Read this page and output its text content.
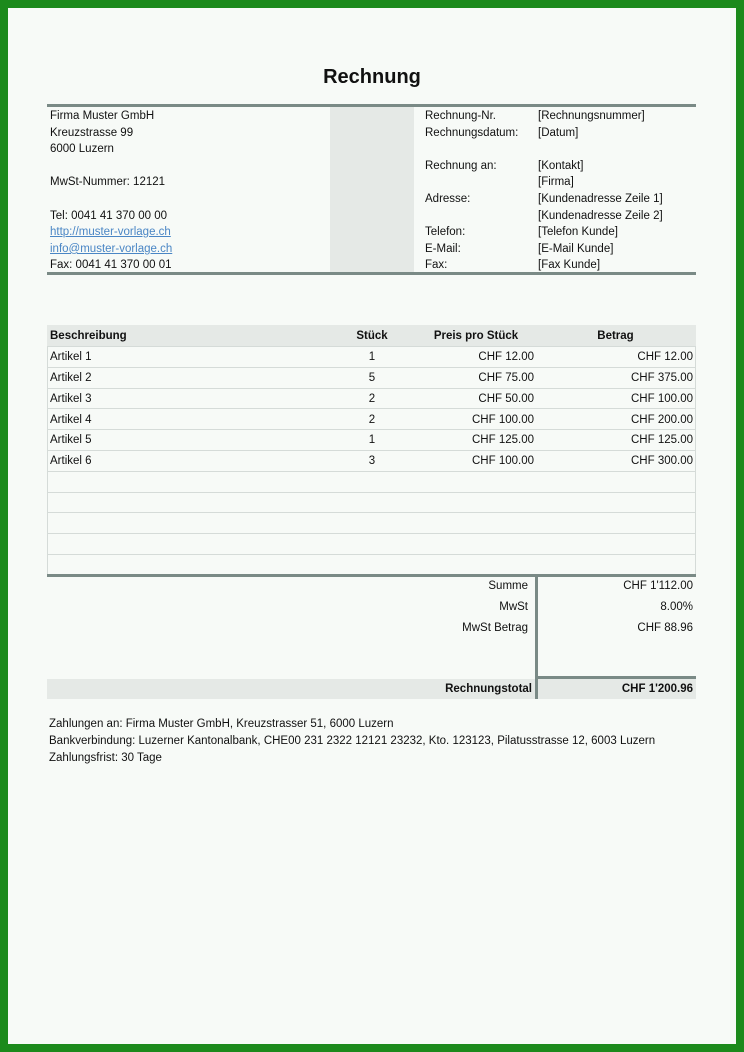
Rechnung
Firma Muster GmbH
Kreuzstrasse 99
6000 Luzern
MwSt-Nummer: 12121
Tel: 0041 41 370 00 00
http://muster-vorlage.ch
info@muster-vorlage.ch
Fax: 0041 41 370 00 01
Rechnung-Nr.	[Rechnungsnummer]
Rechnungsdatum: [Datum]
Rechnung an:	[Kontakt]
[Firma]
Adresse:	[Kundenadresse Zeile 1]
[Kundenadresse Zeile 2]
Telefon:	[Telefon Kunde]
E-Mail:	[E-Mail Kunde]
Fax:	[Fax Kunde]
Beschreibung	Stück	Preis pro Stück	Betrag
Artikel 1	1	CHF 12.00	CHF 12.00
Artikel 2	5	CHF 75.00	CHF 375.00
Artikel 3	2	CHF 50.00	CHF 100.00
Artikel 4	2	CHF 100.00	CHF 200.00
Artikel 5	1	CHF 125.00	CHF 125.00
Artikel 6	3	CHF 100.00	CHF 300.00
Summe	CHF 1'112.00
MwSt	8.00%
MwSt Betrag	CHF 88.96
Rechnungstotal	CHF 1'200.96
Zahlungen an: Firma Muster GmbH, Kreuzstrasser 51, 6000 Luzern
Bankverbindung: Luzerner Kantonalbank, CHE00 231 2322 12121 23232, Kto. 123123, Pilatusstrasse 12, 6003 Luzern
Zahlungsfrist: 30 Tage
